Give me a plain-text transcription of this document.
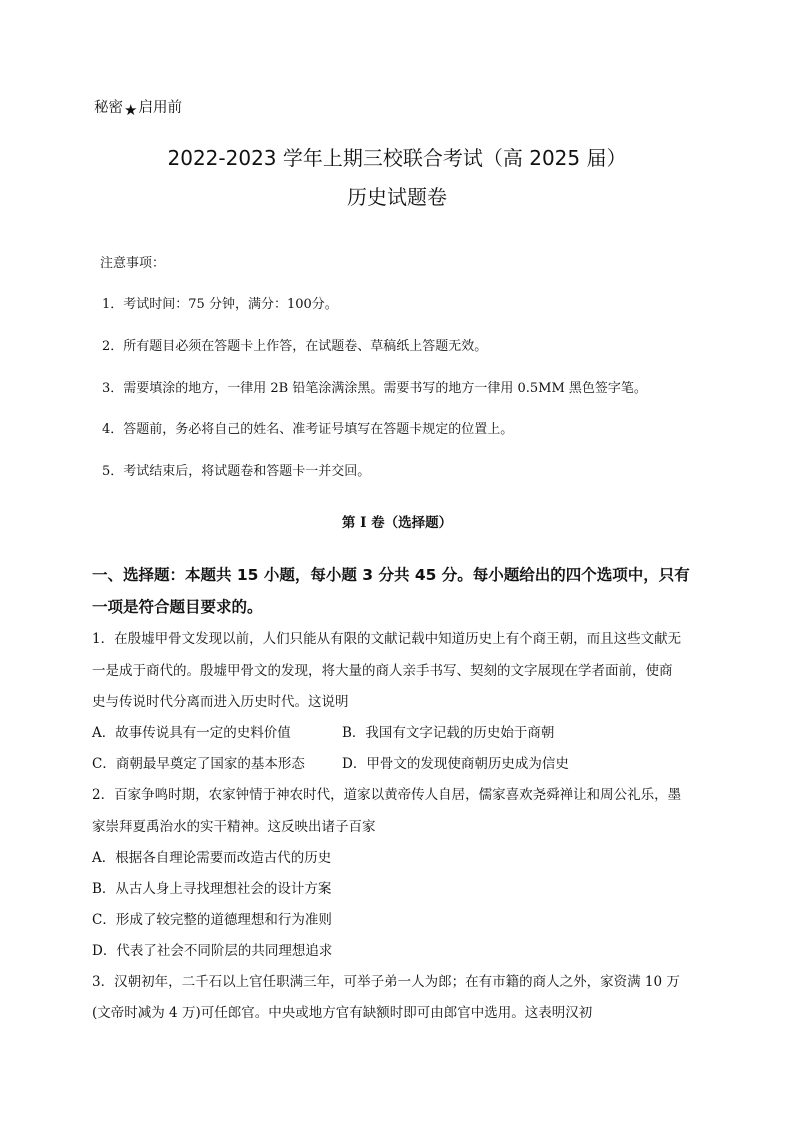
秘密★启用前
2022-2023 学年上期三校联合考试（高 2025 届）
历史试题卷
注意事项：
1．考试时间：75 分钟，满分：100分。
2．所有题目必须在答题卡上作答，在试题卷、草稿纸上答题无效。
3．需要填涂的地方，一律用 2B 铅笔涂满涂黑。需要书写的地方一律用 0.5MM 黑色签字笔。
4．答题前，务必将自己的姓名、准考证号填写在答题卡规定的位置上。
5．考试结束后，将试题卷和答题卡一并交回。
第 I 卷（选择题）
一、选择题：本题共 15 小题，每小题 3 分共 45 分。每小题给出的四个选项中，只有
一项是符合题目要求的。
1．在殷墟甲骨文发现以前，人们只能从有限的文献记载中知道历史上有个商王朝，而且这些文献无
一是成于商代的。殷墟甲骨文的发现，将大量的商人亲手书写、契刻的文字展现在学者面前，使商
史与传说时代分离而进入历史时代。这说明
A．故事传说具有一定的史料价值	B．我国有文字记载的历史始于商朝
C．商朝最早奠定了国家的基本形态	D．甲骨文的发现使商朝历史成为信史
2．百家争鸣时期，农家钟情于神农时代，道家以黄帝传人自居，儒家喜欢尧舜禅让和周公礼乐，墨
家崇拜夏禹治水的实干精神。这反映出诸子百家
A．根据各自理论需要而改造古代的历史
B．从古人身上寻找理想社会的设计方案
C．形成了较完整的道德理想和行为准则
D．代表了社会不同阶层的共同理想追求
3．汉朝初年，二千石以上官任职满三年，可举子弟一人为郎；在有市籍的商人之外，家资满 10 万
(文帝时减为 4 万)可任郎官。中央或地方官有缺额时即可由郎官中选用。这表明汉初
